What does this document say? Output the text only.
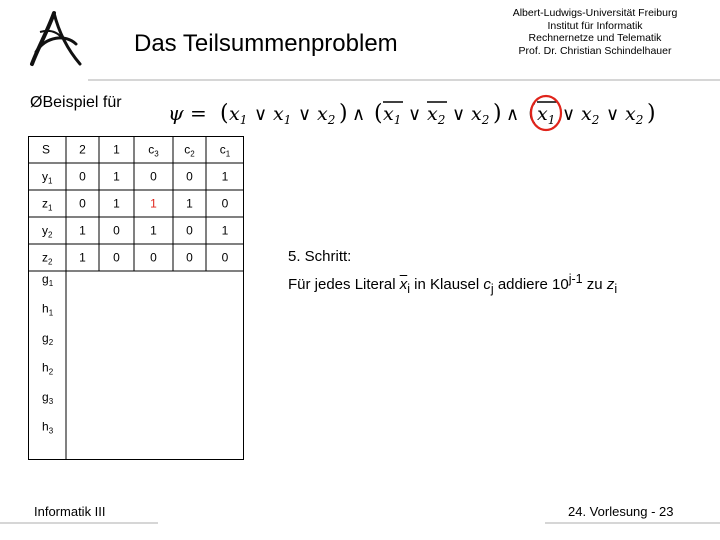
Das Teilsummenproblem
Albert-Ludwigs-Universität Freiburg
Institut für Informatik
Rechnernetze und Telematik
Prof. Dr. Christian Schindelhauer
ØBeispiel für ψ = ( $x_1$ ∨ $x_1$ ∨ $x_2$ ) ∧ ( $x_1$ ∨ $x_2$ ∨ $x_2$ ) ∧ ( $x_1$ ∨ $x_2$ ∨ $x_2$ )
S 2 1 $c_3$ $c_2$ $c_1$
$y_1$ 0 1	0 0 1
$z_1$ 0 1	1 1 0
$y_2$ 1 0	1 0 1
$z_2$ 1 0	0 0 0
$g_1$
$h_1$
$g_2$
$h_2$
$g_3$
$h_3$
5. Schritt:
Für jedes Literal $\overline{x}_i$ in Klausel $c_j$ addiere 10$^{j-1}$ zu $z_i$
Informatik III	24. Vorlesung - 23
